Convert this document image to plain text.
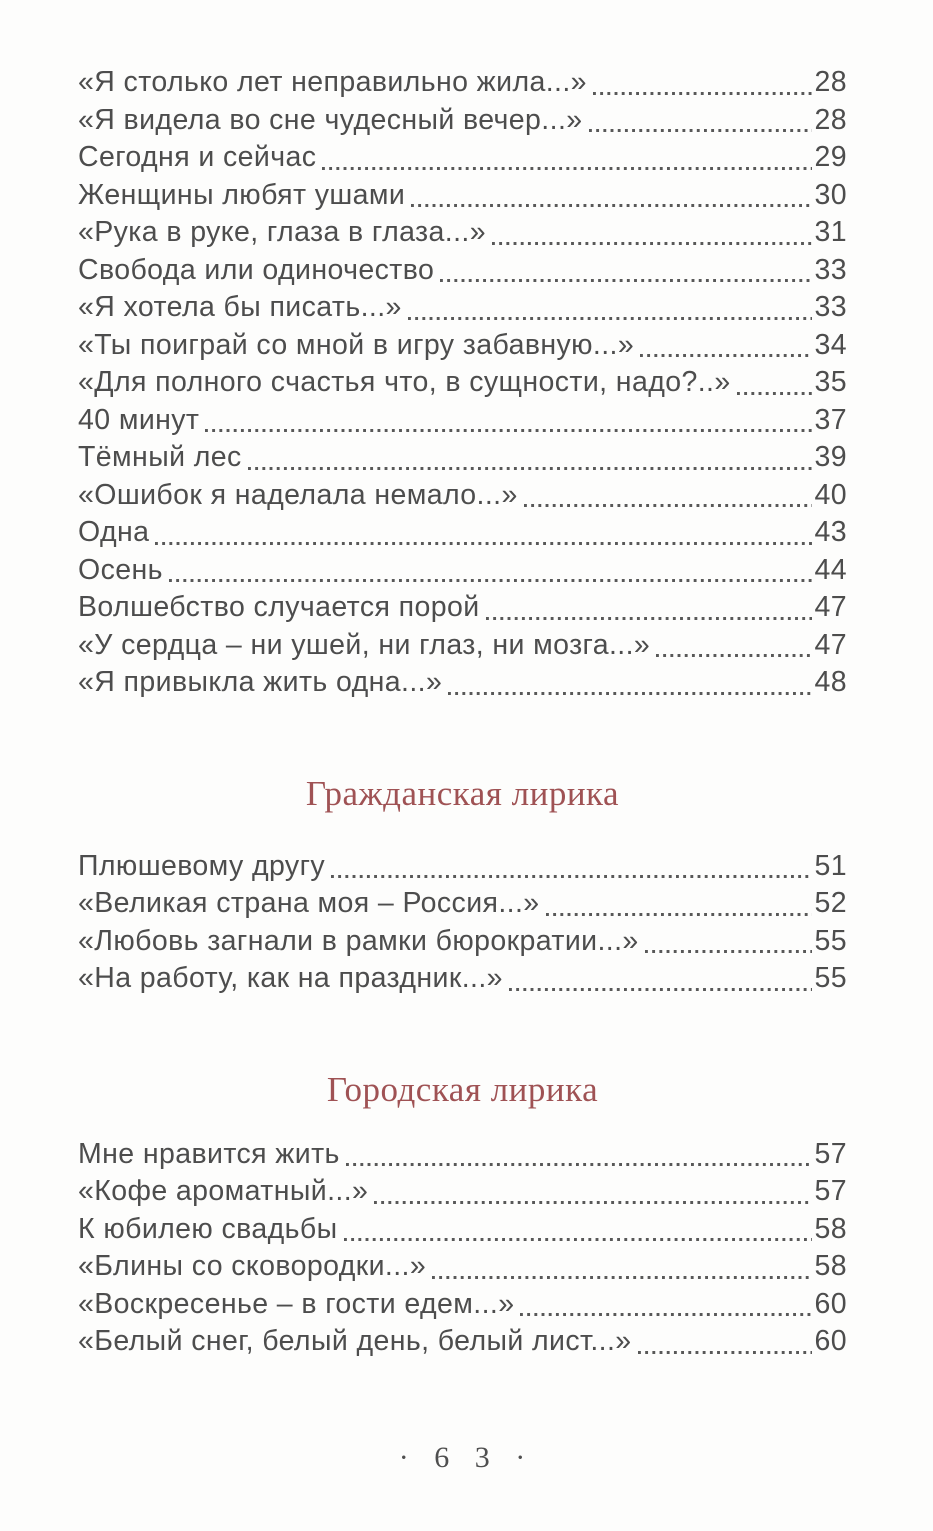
«Я столько лет неправильно жила...»	28
«Я видела во сне чудесный вечер...»	28
Сегодня и сейчас	29
Женщины любят ушами	30
«Рука в руке, глаза в глаза...»	31
Свобода или одиночество	33
«Я хотела бы писать...»	33
«Ты поиграй со мной в игру забавную...»	34
«Для полного счастья что, в сущности, надо?..»	35
40 минут	37
Тёмный лес	39
«Ошибок я наделала немало...»	40
Одна	43
Осень	44
Волшебство случается порой	47
«У сердца – ни ушей, ни глаз, ни мозга...»	47
«Я привыкла жить одна...»	48
Гражданская лирика
Плюшевому другу	51
«Великая страна моя – Россия...»	52
«Любовь загнали в рамки бюрократии...»	55
«На работу, как на праздник...»	55
Городская лирика
Мне нравится жить	57
«Кофе ароматный...»	57
К юбилею свадьбы	58
«Блины со сковородки...»	58
«Воскресенье – в гости едем...»	60
«Белый снег, белый день, белый лист...»	60
· 6 3 ·
